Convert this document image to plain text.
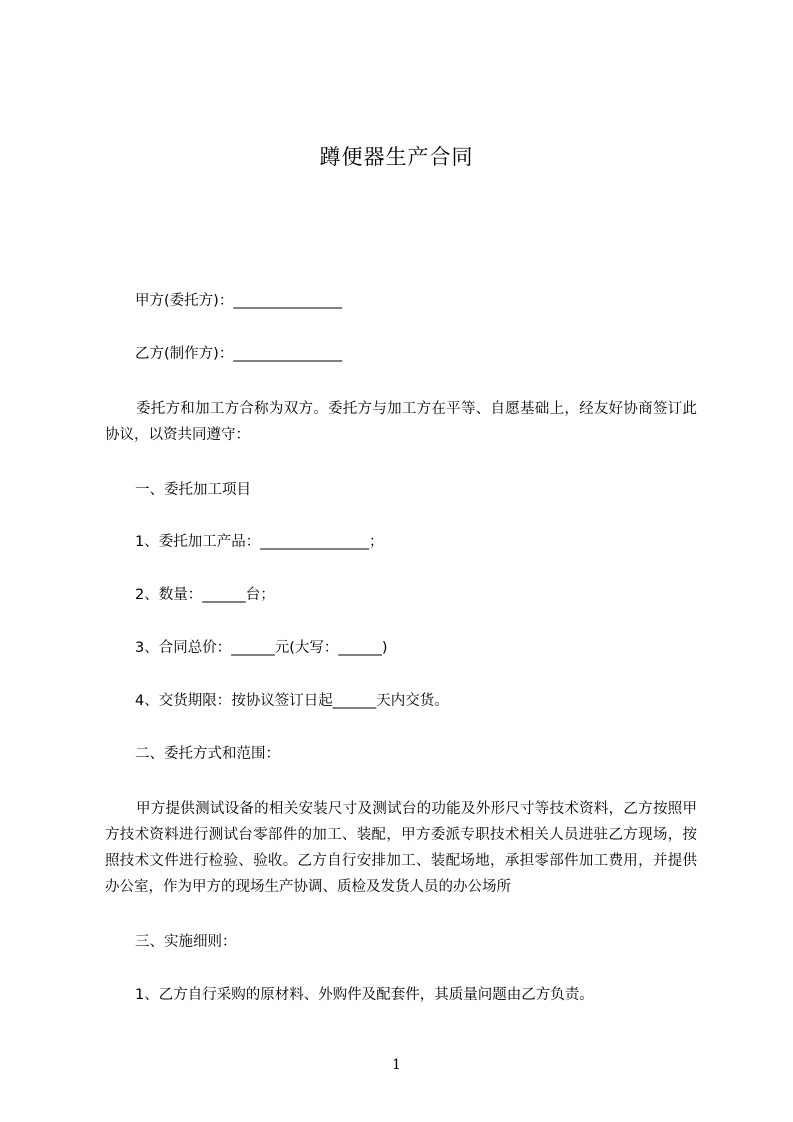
蹲便器生产合同
甲方(委托方)：_______________
乙方(制作方)：_______________
委托方和加工方合称为双方。委托方与加工方在平等、自愿基础上，经友好协商签订此协议，以资共同遵守：
一、委托加工项目
1、委托加工产品：_______________；
2、数量：______台；
3、合同总价：______元(大写：______)
4、交货期限：按协议签订日起______天内交货。
二、委托方式和范围：
甲方提供测试设备的相关安装尺寸及测试台的功能及外形尺寸等技术资料，乙方按照甲方技术资料进行测试台零部件的加工、装配，甲方委派专职技术相关人员进驻乙方现场，按照技术文件进行检验、验收。乙方自行安排加工、装配场地，承担零部件加工费用，并提供办公室，作为甲方的现场生产协调、质检及发货人员的办公场所
三、实施细则：
1、乙方自行采购的原材料、外购件及配套件，其质量问题由乙方负责。
1
